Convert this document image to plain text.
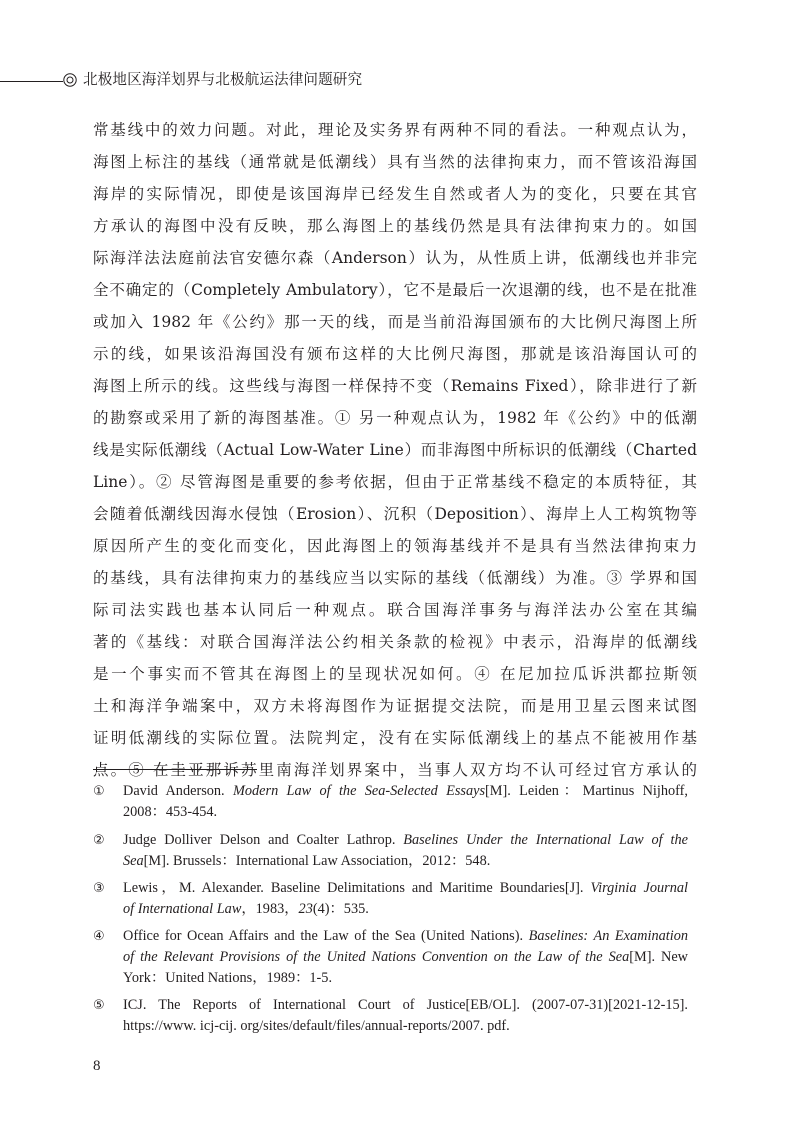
北极地区海洋划界与北极航运法律问题研究
常基线中的效力问题。对此，理论及实务界有两种不同的看法。一种观点认为，
海图上标注的基线（通常就是低潮线）具有当然的法律拘束力，而不管该沿海国
海岸的实际情况，即使是该国海岸已经发生自然或者人为的变化，只要在其官
方承认的海图中没有反映，那么海图上的基线仍然是具有法律拘束力的。如国
际海洋法法庭前法官安德尔森（Anderson）认为，从性质上讲，低潮线也并非完
全不确定的（Completely Ambulatory），它不是最后一次退潮的线，也不是在批准
或加入 1982 年《公约》那一天的线，而是当前沿海国颁布的大比例尺海图上所
示的线，如果该沿海国没有颁布这样的大比例尺海图，那就是该沿海国认可的
海图上所示的线。这些线与海图一样保持不变（Remains Fixed），除非进行了新
的勘察或采用了新的海图基准。① 另一种观点认为，1982 年《公约》中的低潮
线是实际低潮线（Actual Low-Water Line）而非海图中所标识的低潮线（Charted
Line）。② 尽管海图是重要的参考依据，但由于正常基线不稳定的本质特征，其
会随着低潮线因海水侵蚀（Erosion）、沉积（Deposition）、海岸上人工构筑物等
原因所产生的变化而变化，因此海图上的领海基线并不是具有当然法律拘束力
的基线，具有法律拘束力的基线应当以实际的基线（低潮线）为准。③ 学界和国
际司法实践也基本认同后一种观点。联合国海洋事务与海洋法办公室在其编
著的《基线：对联合国海洋法公约相关条款的检视》中表示，沿海岸的低潮线
是一个事实而不管其在海图上的呈现状况如何。④ 在尼加拉瓜诉洪都拉斯领
土和海洋争端案中，双方未将海图作为证据提交法院，而是用卫星云图来试图
证明低潮线的实际位置。法院判定，没有在实际低潮线上的基点不能被用作基
点。⑤ 在圭亚那诉苏里南海洋划界案中，当事人双方均不认可经过官方承认的
① David Anderson. Modern Law of the Sea-Selected Essays[M]. Leiden：Martinus Nijhoff,
2008：453-454.
② Judge Dolliver Delson and Coalter Lathrop. Baselines Under the International Law of the
Sea[M]. Brussels：International Law Association，2012：548.
③ Lewis，M. Alexander. Baseline Delimitations and Maritime Boundaries[J]. Virginia Journal
of International Law，1983，23(4)：535.
④ Office for Ocean Affairs and the Law of the Sea (United Nations). Baselines: An Examination
of the Relevant Provisions of the United Nations Convention on the Law of the Sea[M]. New
York：United Nations，1989：1-5.
⑤ ICJ. The Reports of International Court of Justice[EB/OL]. (2007-07-31)[2021-12-15].
https://www. icj-cij. org/sites/default/files/annual-reports/2007. pdf.
8
